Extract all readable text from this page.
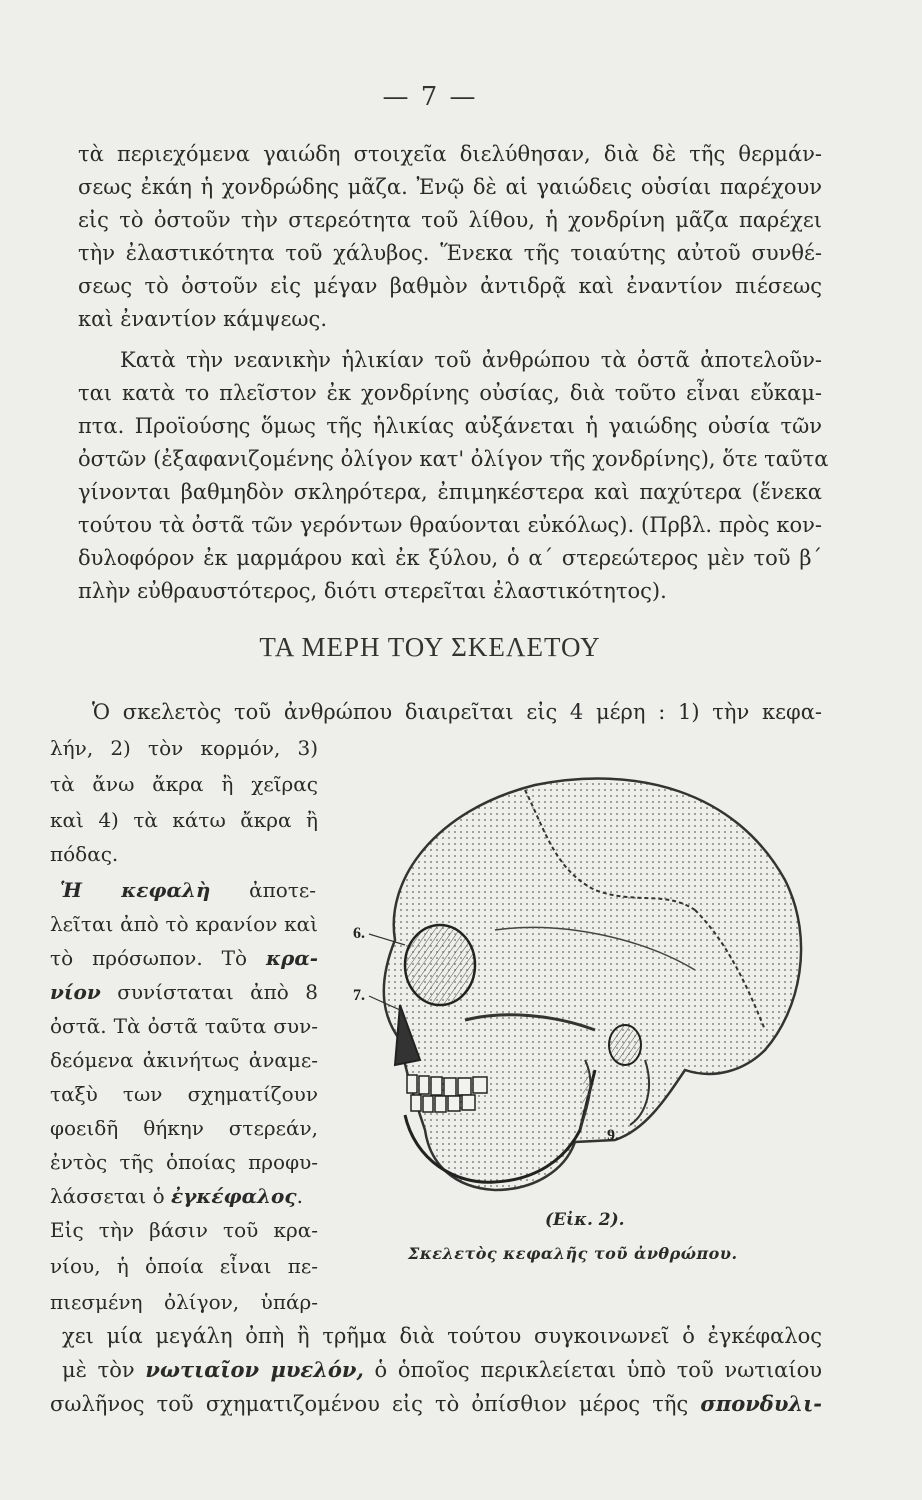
— 7 —
τὰ περιεχόμενα γαιώδη στοιχεῖα διελύθησαν, διὰ δὲ τῆς θερμάν-
σεως ἐκάη ἡ χονδρώδης μᾶζα. Ἐνῷ δὲ αἱ γαιώδεις οὐσίαι παρέχουν
εἰς τὸ ὀστοῦν τὴν στερεότητα τοῦ λίθου, ἡ χονδρίνη μᾶζα παρέχει
τὴν ἐλαστικότητα τοῦ χάλυβος. Ἕνεκα τῆς τοιαύτης αὐτοῦ συνθέ-
σεως τὸ ὀστοῦν εἰς μέγαν βαθμὸν ἀντιδρᾷ καὶ ἐναντίον πιέσεως
καὶ ἐναντίον κάμψεως.
Κατὰ τὴν νεανικὴν ἡλικίαν τοῦ ἀνθρώπου τὰ ὀστᾶ ἀποτελοῦν-
ται κατὰ το πλεῖστον ἐκ χονδρίνης οὐσίας, διὰ τοῦτο εἶναι εὔκαμ-
πτα. Προϊούσης ὅμως τῆς ἡλικίας αὐξάνεται ἡ γαιώδης οὐσία τῶν
ὀστῶν (ἐξαφανιζομένης ὀλίγον κατ' ὀλίγον τῆς χονδρίνης), ὅτε ταῦτα
γίνονται βαθμηδὸν σκληρότερα, ἐπιμηκέστερα καὶ παχύτερα (ἕνεκα
τούτου τὰ ὀστᾶ τῶν γερόντων θραύονται εὐκόλως). (Πρβλ. πρὸς κον-
δυλοφόρον ἐκ μαρμάρου καὶ ἐκ ξύλου, ὁ α΄ στερεώτερος μὲν τοῦ β΄
πλὴν εὐθραυστότερος, διότι στερεῖται ἐλαστικότητος).
ΤΑ ΜΕΡΗ ΤΟΥ ΣΚΕΛΕΤΟΥ
Ὁ σκελετὸς τοῦ ἀνθρώπου διαιρεῖται εἰς 4 μέρη : 1) τὴν κεφα-
λήν, 2) τὸν κορμόν, 3)
τὰ ἄνω ἄκρα ἢ χεῖρας
καὶ 4) τὰ κάτω ἄκρα ἢ
πόδας.
Ἡ κεφαλὴ ἀποτε-
λεῖται ἀπὸ τὸ κρανίον καὶ
τὸ πρόσωπον. Τὸ κρα-
νίον συνίσταται ἀπὸ 8
ὀστᾶ. Τὰ ὀστᾶ ταῦτα συν-
δεόμενα ἀκινήτως ἀναμε-
ταξὺ των σχηματίζουν
φοειδῆ θήκην στερεάν,
ἐντὸς τῆς ὁποίας προφυ-
λάσσεται ὁ ἐγκέφαλος.
Εἰς τὴν βάσιν τοῦ κρα-
νίου, ἡ ὁποία εἶναι πε-
πιεσμένη ὀλίγον, ὑπάρ-
6.
7.
9.
(Εἰκ. 2).
Σκελετὸς κεφαλῆς τοῦ ἀνθρώπου.
χει μία μεγάλη ὀπὴ ἢ τρῆμα διὰ τούτου συγκοινωνεῖ ὁ ἐγκέφαλος
μὲ τὸν νωτιαῖον μυελόν, ὁ ὁποῖος περικλείεται ὑπὸ τοῦ νωτιαίου
σωλῆνος τοῦ σχηματιζομένου εἰς τὸ ὀπίσθιον μέρος τῆς σπονδυλι-
